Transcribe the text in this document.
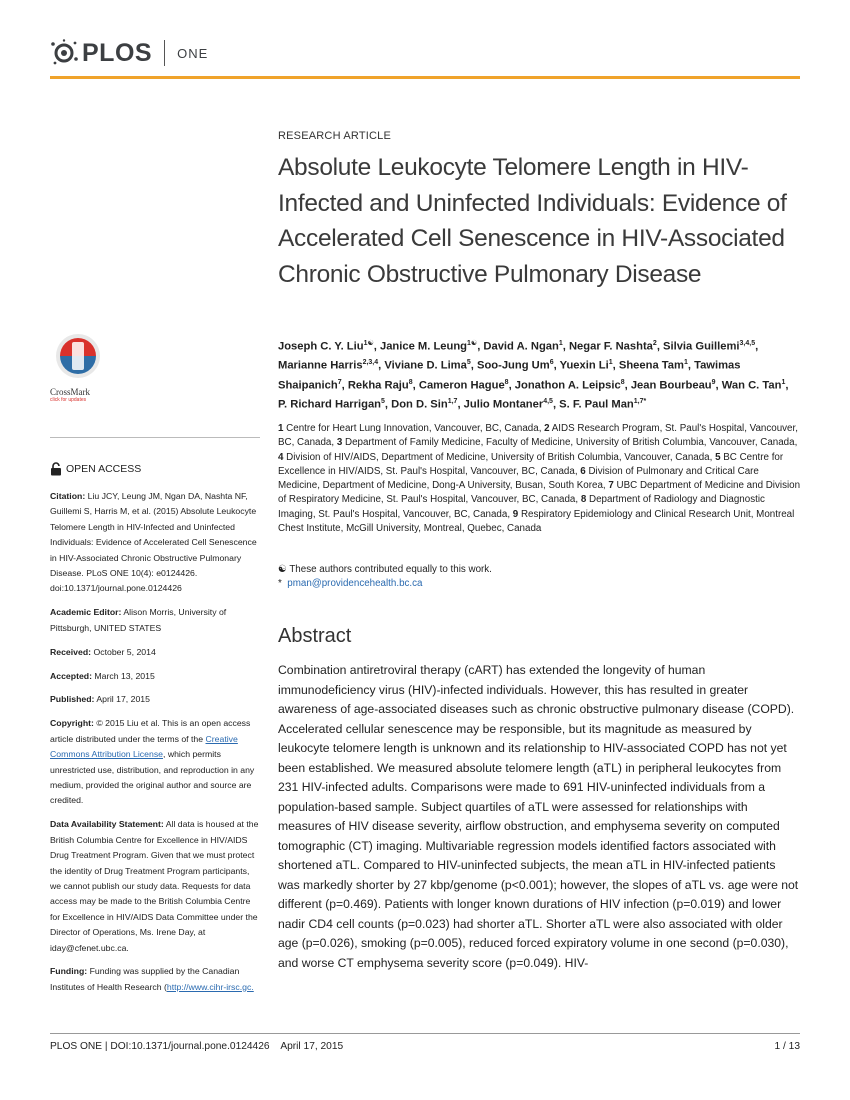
PLOS ONE
RESEARCH ARTICLE
Absolute Leukocyte Telomere Length in HIV-Infected and Uninfected Individuals: Evidence of Accelerated Cell Senescence in HIV-Associated Chronic Obstructive Pulmonary Disease
Joseph C. Y. Liu$^{1☯}$, Janice M. Leung$^{1☯}$, David A. Ngan$^1$, Negar F. Nashta$^2$, Silvia Guillemi$^{3,4,5}$, Marianne Harris$^{2,3,4}$, Viviane D. Lima$^5$, Soo-Jung Um$^6$, Yuexin Li$^1$, Sheena Tam$^1$, Tawimas Shaipanich$^7$, Rekha Raju$^8$, Cameron Hague$^8$, Jonathon A. Leipsic$^8$, Jean Bourbeau$^9$, Wan C. Tan$^1$, P. Richard Harrigan$^5$, Don D. Sin$^{1,7}$, Julio Montaner$^{4,5}$, S. F. Paul Man$^{1,7*}$
1 Centre for Heart Lung Innovation, Vancouver, BC, Canada, 2 AIDS Research Program, St. Paul's Hospital, Vancouver, BC, Canada, 3 Department of Family Medicine, Faculty of Medicine, University of British Columbia, Vancouver, Canada, 4 Division of HIV/AIDS, Department of Medicine, University of British Columbia, Vancouver, Canada, 5 BC Centre for Excellence in HIV/AIDS, St. Paul's Hospital, Vancouver, BC, Canada, 6 Division of Pulmonary and Critical Care Medicine, Department of Medicine, Dong-A University, Busan, South Korea, 7 UBC Department of Medicine and Division of Respiratory Medicine, St. Paul's Hospital, Vancouver, BC, Canada, 8 Department of Radiology and Diagnostic Imaging, St. Paul's Hospital, Vancouver, BC, Canada, 9 Respiratory Epidemiology and Clinical Research Unit, Montreal Chest Institute, McGill University, Montreal, Quebec, Canada
☯ These authors contributed equally to this work.
* pman@providencehealth.bc.ca
Abstract
Combination antiretroviral therapy (cART) has extended the longevity of human immunodeficiency virus (HIV)-infected individuals. However, this has resulted in greater awareness of age-associated diseases such as chronic obstructive pulmonary disease (COPD). Accelerated cellular senescence may be responsible, but its magnitude as measured by leukocyte telomere length is unknown and its relationship to HIV-associated COPD has not yet been established. We measured absolute telomere length (aTL) in peripheral leukocytes from 231 HIV-infected adults. Comparisons were made to 691 HIV-uninfected individuals from a population-based sample. Subject quartiles of aTL were assessed for relationships with measures of HIV disease severity, airflow obstruction, and emphysema severity on computed tomographic (CT) imaging. Multivariable regression models identified factors associated with shortened aTL. Compared to HIV-uninfected subjects, the mean aTL in HIV-infected patients was markedly shorter by 27 kbp/genome (p<0.001); however, the slopes of aTL vs. age were not different (p=0.469). Patients with longer known durations of HIV infection (p=0.019) and lower nadir CD4 cell counts (p=0.023) had shorter aTL. Shorter aTL were also associated with older age (p=0.026), smoking (p=0.005), reduced forced expiratory volume in one second (p=0.030), and worse CT emphysema severity score (p=0.049). HIV-
CrossMark
click for updates
OPEN ACCESS

Citation: Liu JCY, Leung JM, Ngan DA, Nashta NF, Guillemi S, Harris M, et al. (2015) Absolute Leukocyte Telomere Length in HIV-Infected and Uninfected Individuals: Evidence of Accelerated Cell Senescence in HIV-Associated Chronic Obstructive Pulmonary Disease. PLoS ONE 10(4): e0124426. doi:10.1371/journal.pone.0124426

Academic Editor: Alison Morris, University of Pittsburgh, UNITED STATES

Received: October 5, 2014

Accepted: March 13, 2015

Published: April 17, 2015

Copyright: © 2015 Liu et al. This is an open access article distributed under the terms of the Creative Commons Attribution License, which permits unrestricted use, distribution, and reproduction in any medium, provided the original author and source are credited.

Data Availability Statement: All data is housed at the British Columbia Centre for Excellence in HIV/AIDS Drug Treatment Program. Given that we must protect the identity of Drug Treatment Program participants, we cannot publish our study data. Requests for data access may be made to the British Columbia Centre for Excellence in HIV/AIDS Data Committee under the Director of Operations, Ms. Irene Day, at iday@cfenet.ubc.ca.

Funding: Funding was supplied by the Canadian Institutes of Health Research (http://www.cihr-irsc.gc.

PLOS ONE | DOI:10.1371/journal.pone.0124426    April 17, 2015	1 / 13
